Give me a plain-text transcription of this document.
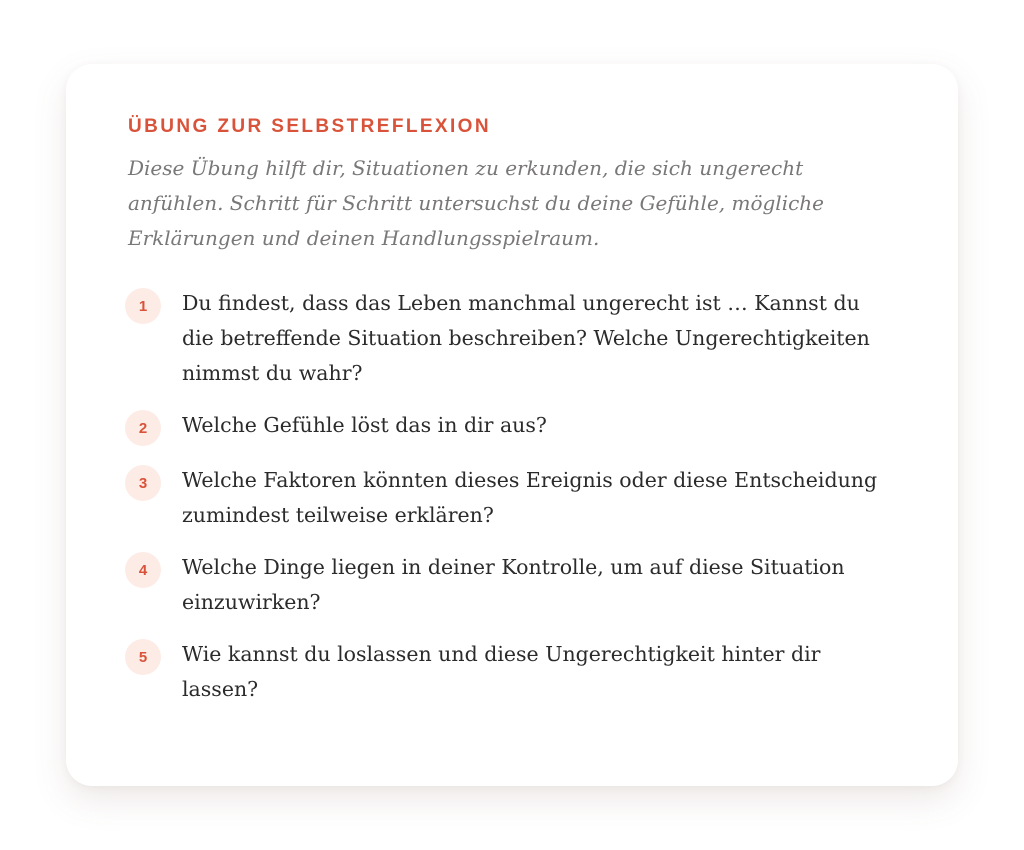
ÜBUNG ZUR SELBSTREFLEXION

Diese Übung hilft dir, Situationen zu erkunden, die sich ungerecht anfühlen. Schritt für Schritt untersuchst du deine Gefühle, mögliche Erklärungen und deinen Handlungsspielraum.

1	Du findest, dass das Leben manchmal ungerecht ist … Kannst du die betreffende Situation beschreiben? Welche Ungerechtigkeiten nimmst du wahr?
2	Welche Gefühle löst das in dir aus?
3	Welche Faktoren könnten dieses Ereignis oder diese Entscheidung zumindest teilweise erklären?
4	Welche Dinge liegen in deiner Kontrolle, um auf diese Situation einzuwirken?
5	Wie kannst du loslassen und diese Ungerechtigkeit hinter dir lassen?
